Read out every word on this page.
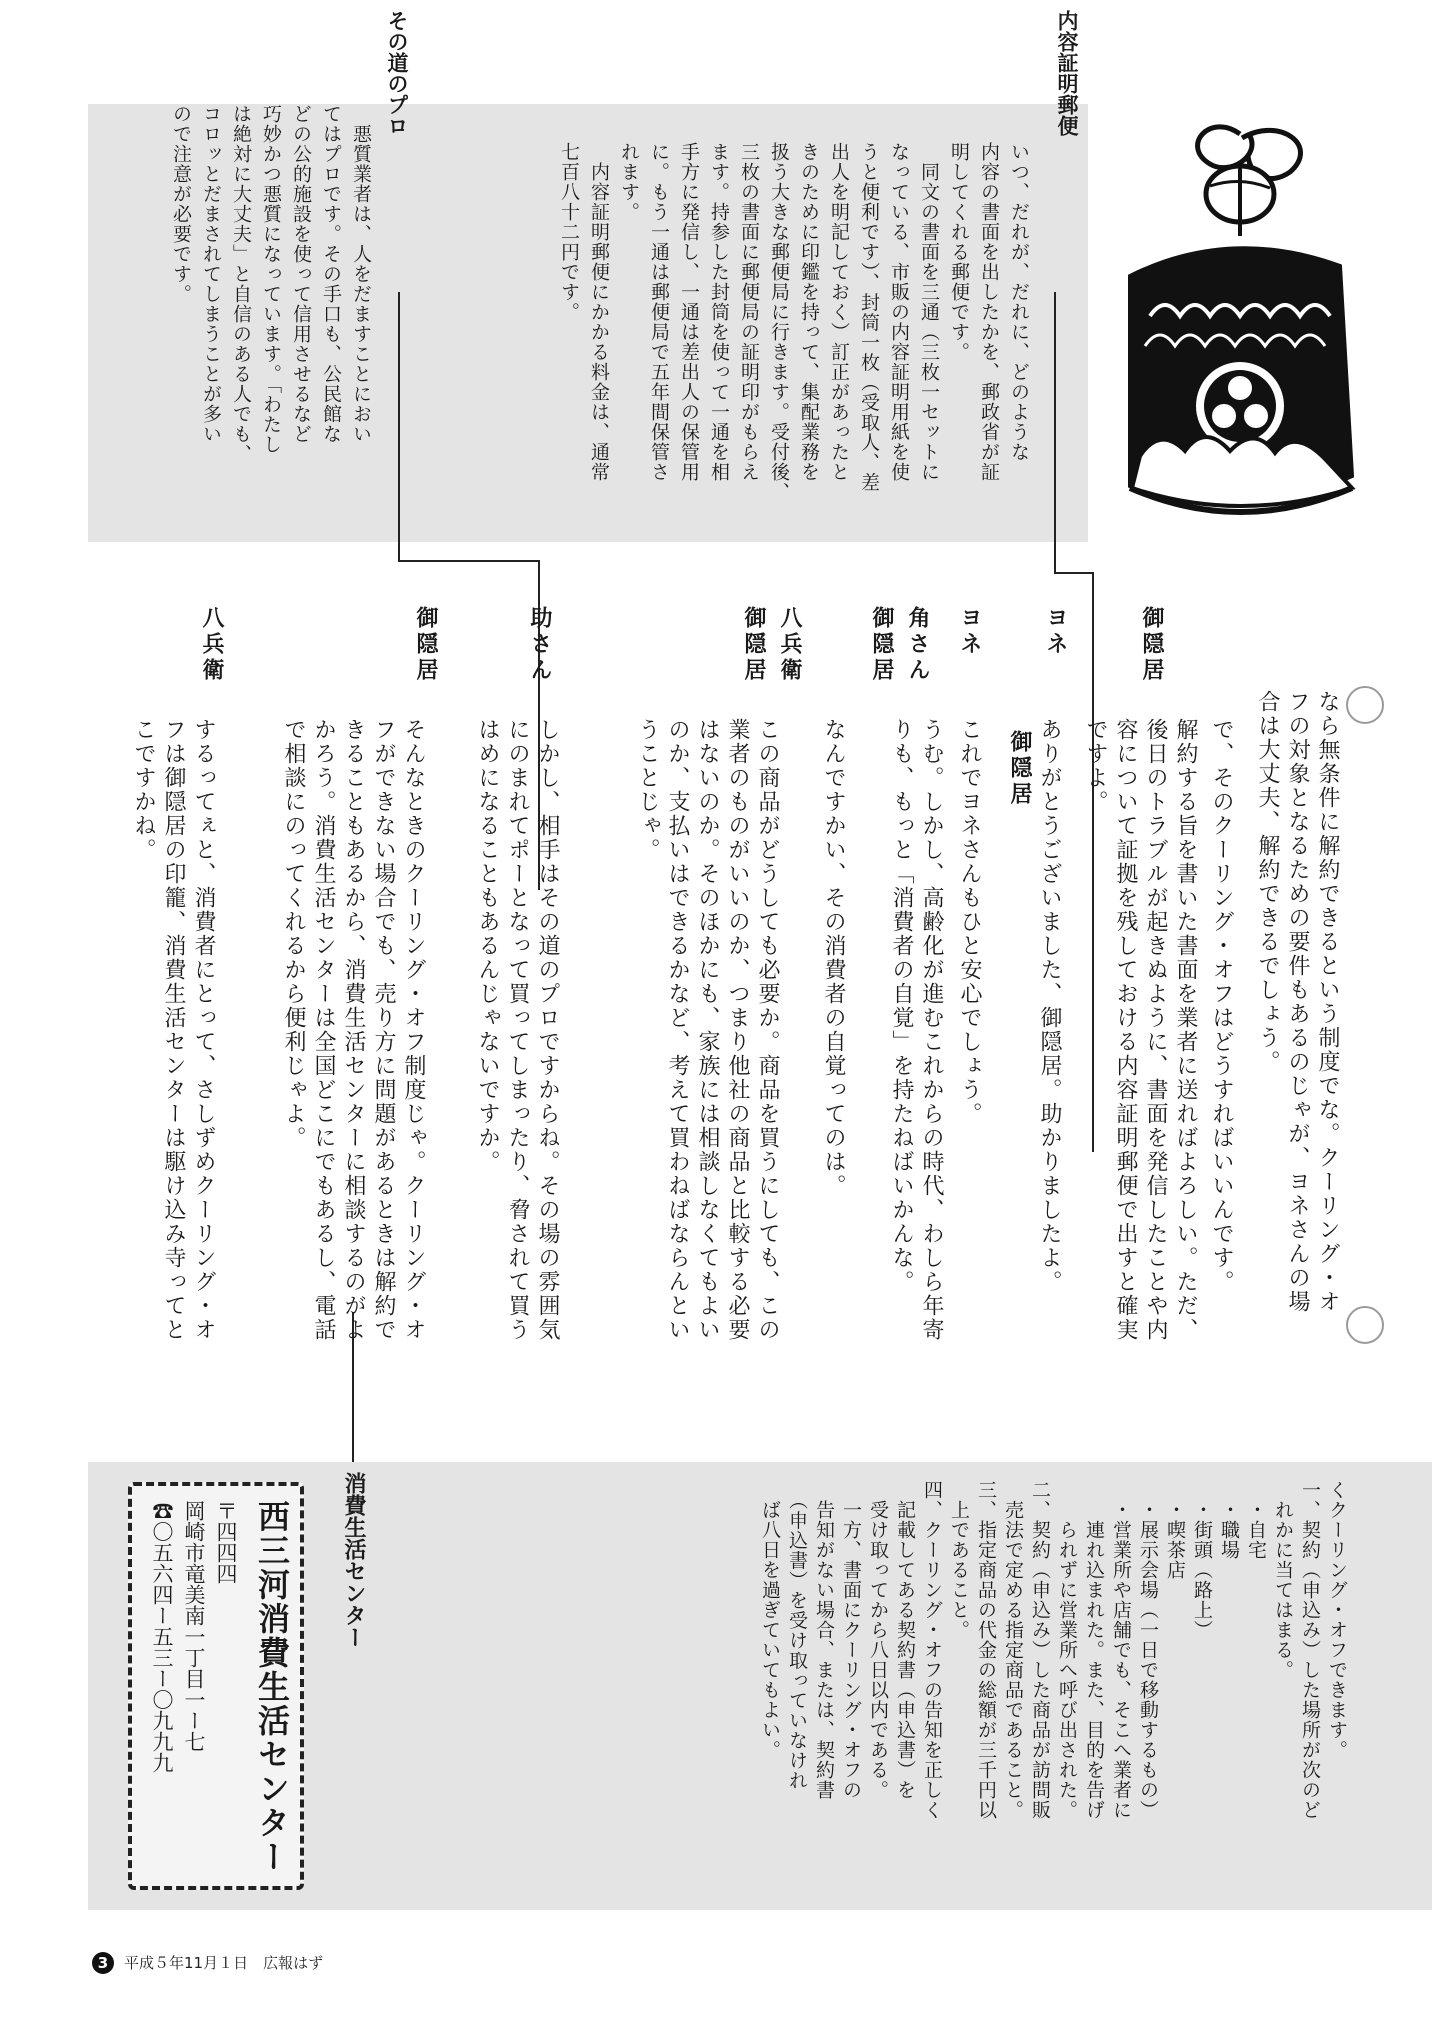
内容証明郵便
いつ、だれが、だれに、どのような
内容の書面を出したかを、郵政省が証
明してくれる郵便です。
　同文の書面を三通（三枚一セットに
なっている、市販の内容証明用紙を使
うと便利です）、封筒一枚（受取人、差
出人を明記しておく）訂正があったと
きのために印鑑を持って、集配業務を
扱う大きな郵便局に行きます。受付後、
三枚の書面に郵便局の証明印がもらえ
ます。持参した封筒を使って一通を相
手方に発信し、一通は差出人の保管用
に。もう一通は郵便局で五年間保管さ
れます。
　内容証明郵便にかかる料金は、通常
七百八十二円です。
その道のプロ
　悪質業者は、人をだますことにおい
てはプロです。その手口も、公民館な
どの公的施設を使って信用させるなど
巧妙かつ悪質になっています。「わたし
は絶対に大丈夫」と自信のある人でも、
コロッとだまされてしまうことが多い
ので注意が必要です。
御隠居
ヨネ
御隠居
ヨネ
角さん
御隠居
八兵衛
御隠居
助さん
御隠居
八兵衛
なら無条件に解約できるという制度でな。クーリング・オ
フの対象となるための要件もあるのじゃが、ヨネさんの場
合は大丈夫、解約できるでしょう。
で、そのクーリング・オフはどうすればいいんです。
解約する旨を書いた書面を業者に送ればよろしい。ただ、
後日のトラブルが起きぬように、書面を発信したことや内
容について証拠を残しておける内容証明郵便で出すと確実
ですよ。
ありがとうございました、御隠居。助かりましたよ。
これでヨネさんもひと安心でしょう。
うむ。しかし、高齢化が進むこれからの時代、わしら年寄
りも、もっと「消費者の自覚」を持たねばいかんな。
なんですかい、その消費者の自覚ってのは。
この商品がどうしても必要か。商品を買うにしても、この
業者のものがいいのか、つまり他社の商品と比較する必要
はないのか。そのほかにも、家族には相談しなくてもよい
のか、支払いはできるかなど、考えて買わねばならんとい
うことじゃ。
しかし、相手はその道のプロですからね。その場の雰囲気
にのまれてポーとなって買ってしまったり、脅されて買う
はめになることもあるんじゃないですか。
そんなときのクーリング・オフ制度じゃ。クーリング・オ
フができない場合でも、売り方に問題があるときは解約で
きることもあるから、消費生活センターに相談するのがよ
かろう。消費生活センターは全国どこにでもあるし、電話
で相談にのってくれるから便利じゃよ。
するってぇと、消費者にとって、さしずめクーリング・オ
フは御隠居の印籠、消費生活センターは駆け込み寺ってと
こですかね。
くクーリング・オフできます。
一、契約（申込み）した場所が次のど
　れかに当てはまる。
　・自宅
　・職場
　・街頭（路上）
　・喫茶店
　・展示会場（一日で移動するもの）
　・営業所や店舗でも、そこへ業者に
　　連れ込まれた。また、目的を告げ
　　られずに営業所へ呼び出された。
二、契約（申込み）した商品が訪問販
　売法で定める指定商品であること。
三、指定商品の代金の総額が三千円以
　上であること。
四、クーリング・オフの告知を正しく
　記載してある契約書（申込書）を
　受け取ってから八日以内である。
　一方、書面にクーリング・オフの
　告知がない場合、または、契約書
　（申込書）を受け取っていなけれ
　ば八日を過ぎていてもよい。
消費生活センター
西三河消費生活センター
〒四四四
岡崎市竜美南一丁目一ー七
☎〇五六四ー五三ー〇九九九
3	平成５年11月１日　広報はず
